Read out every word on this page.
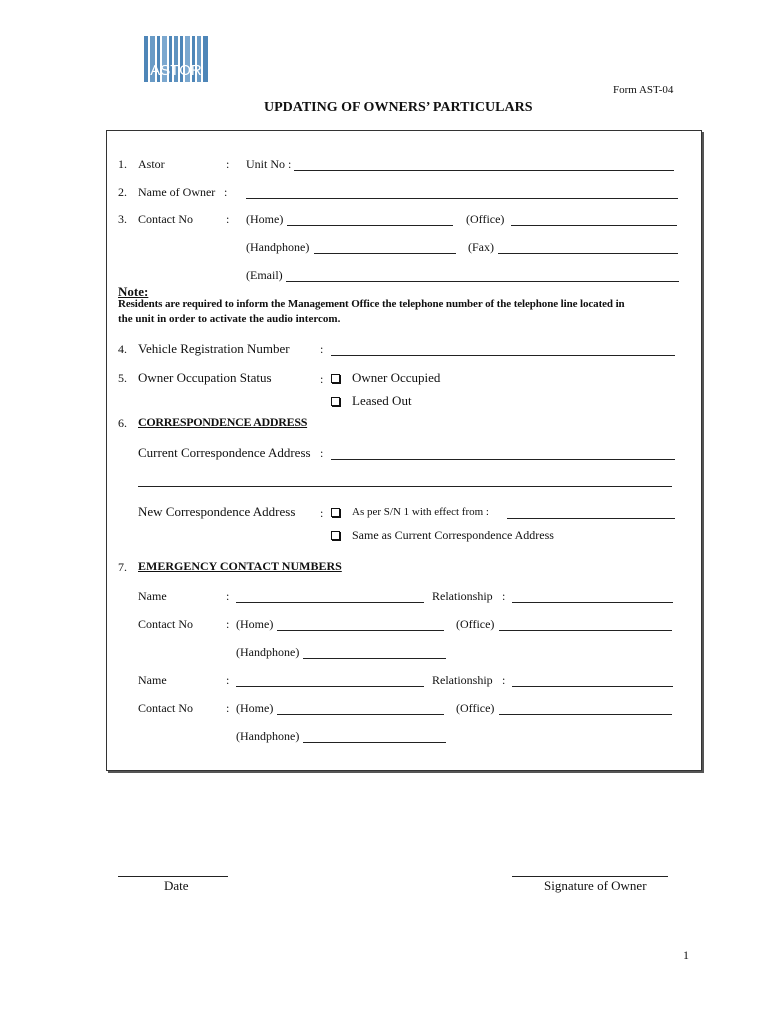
ASTOR
Form AST-04
UPDATING OF OWNERS’ PARTICULARS
1. Astor	: Unit No :
2. Name of Owner :
3. Contact No	: (Home)	(Office)
(Handphone)	(Fax)
(Email)
Note:
Residents are required to inform the Management Office the telephone number of the telephone line located in
the unit in order to activate the audio intercom.
4. Vehicle Registration Number	:
5. Owner Occupation Status	: Owner Occupied
Leased Out
6. CORRESPONDENCE ADDRESS
Current Correspondence Address :
New Correspondence Address :	As per S/N 1 with effect from :
Same as Current Correspondence Address
7. EMERGENCY CONTACT NUMBERS
Name	:	Relationship :
Contact No	: (Home)	(Office)
(Handphone)
Name	:	Relationship :
Contact No	: (Home)	(Office)
(Handphone)
Date	Signature of Owner
1
